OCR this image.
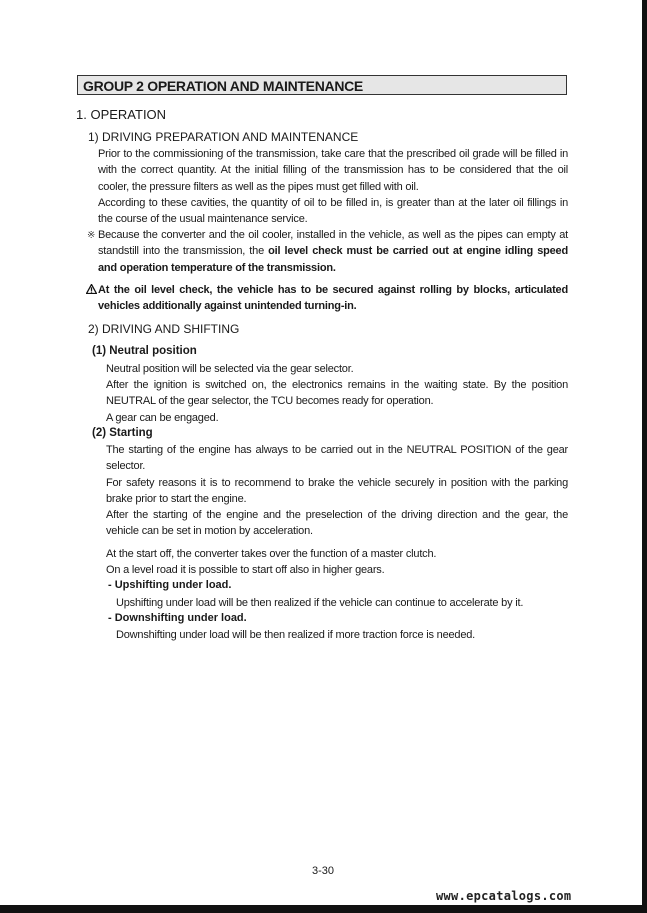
GROUP 2 OPERATION AND MAINTENANCE
1. OPERATION
1) DRIVING PREPARATION AND MAINTENANCE
Prior to the commissioning of the transmission, take care that the prescribed oil grade will be filled in with the correct quantity. At the initial filling of the transmission has to be considered that the oil cooler, the pressure filters as well as the pipes must get filled with oil.
According to these cavities, the quantity of oil to be filled in, is greater than at the later oil fillings in the course of the usual maintenance service.
※ Because the converter and the oil cooler, installed in the vehicle, as well as the pipes can empty at standstill into the transmission, the oil level check must be carried out at engine idling speed and operation temperature of the transmission.
At the oil level check, the vehicle has to be secured against rolling by blocks, articulated vehicles additionally against unintended turning-in.
2) DRIVING AND SHIFTING
(1) Neutral position
Neutral position will be selected via the gear selector.
After the ignition is switched on, the electronics remains in the waiting state. By the position NEUTRAL of the gear selector, the TCU becomes ready for operation.
A gear can be engaged.
(2) Starting
The starting of the engine has always to be carried out in the NEUTRAL POSITION of the gear selector.
For safety reasons it is to recommend to brake the vehicle securely in position with the parking brake prior to start the engine.
After the starting of the engine and the preselection of the driving direction and the gear, the vehicle can be set in motion by acceleration.
At the start off, the converter takes over the function of a master clutch.
On a level road it is possible to start off also in higher gears.
- Upshifting under load.
Upshifting under load will be then realized if the vehicle can continue to accelerate by it.
- Downshifting under load.
Downshifting under load will be then realized if more traction force is needed.
3-30
www.epcatalogs.com
